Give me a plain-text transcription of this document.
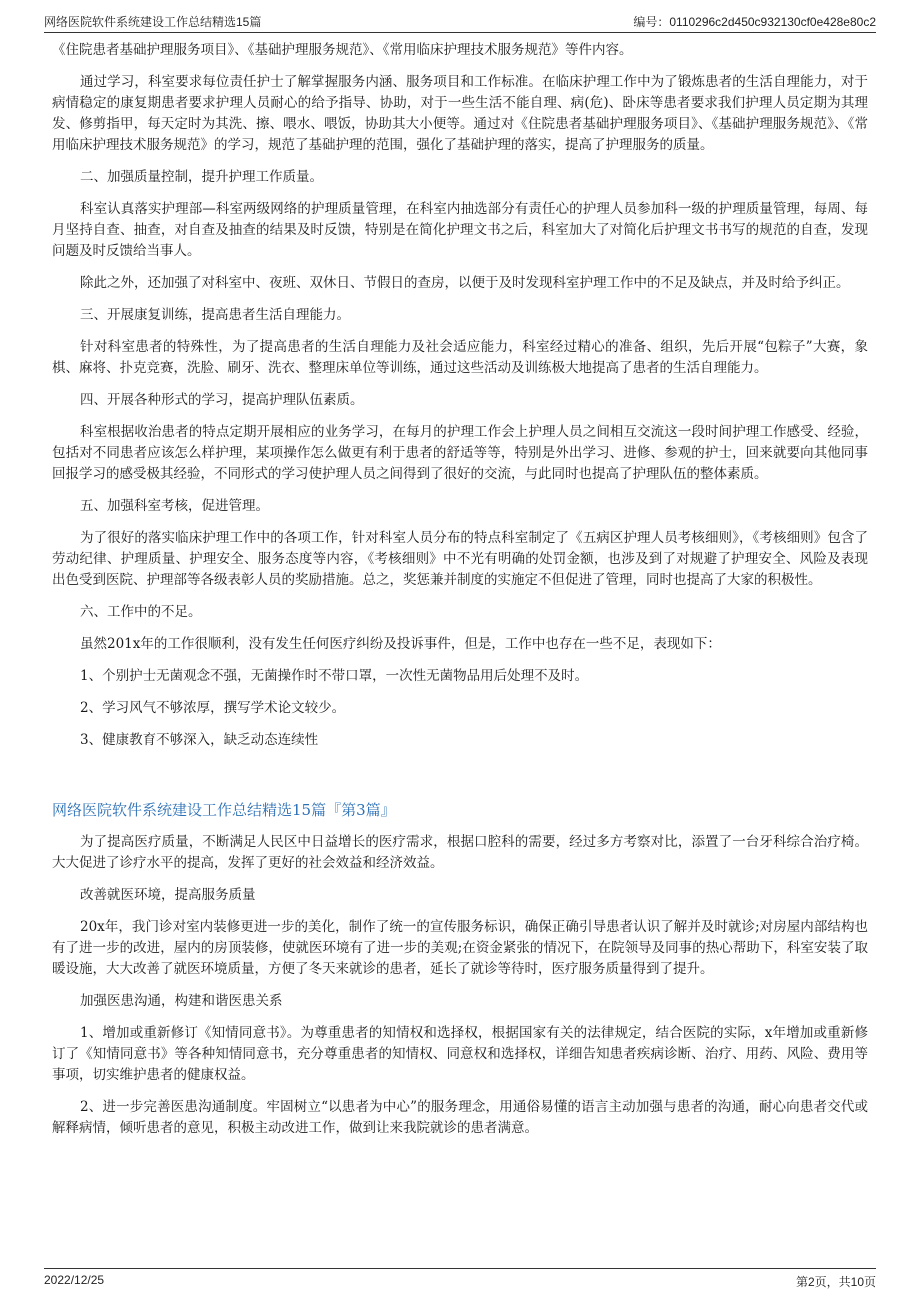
网络医院软件系统建设工作总结精选15篇	编号：0110296c2d450c932130cf0e428e80c2

《住院患者基础护理服务项目》、《基础护理服务规范》、《常用临床护理技术服务规范》等件内容。

通过学习，科室要求每位责任护士了解掌握服务内涵、服务项目和工作标准。在临床护理工作中为了锻炼患者的生活自理能力，对于病情稳定的康复期患者要求护理人员耐心的给予指导、协助，对于一些生活不能自理、病(危)、卧床等患者要求我们护理人员定期为其理发、修剪指甲，每天定时为其洗、擦、喂水、喂饭，协助其大小便等。通过对《住院患者基础护理服务项目》、《基础护理服务规范》、《常用临床护理技术服务规范》的学习，规范了基础护理的范围，强化了基础护理的落实，提高了护理服务的质量。

二、加强质量控制，提升护理工作质量。

科室认真落实护理部—科室两级网络的护理质量管理，在科室内抽选部分有责任心的护理人员参加科一级的护理质量管理，每周、每月坚持自查、抽查，对自查及抽查的结果及时反馈，特别是在简化护理文书之后，科室加大了对简化后护理文书书写的规范的自查，发现问题及时反馈给当事人。

除此之外，还加强了对科室中、夜班、双休日、节假日的查房，以便于及时发现科室护理工作中的不足及缺点，并及时给予纠正。

三、开展康复训练，提高患者生活自理能力。

针对科室患者的特殊性，为了提高患者的生活自理能力及社会适应能力，科室经过精心的准备、组织，先后开展“包粽子”大赛，象棋、麻将、扑克竞赛，洗脸、刷牙、洗衣、整理床单位等训练，通过这些活动及训练极大地提高了患者的生活自理能力。

四、开展各种形式的学习，提高护理队伍素质。

科室根据收治患者的特点定期开展相应的业务学习，在每月的护理工作会上护理人员之间相互交流这一段时间护理工作感受、经验，包括对不同患者应该怎么样护理，某项操作怎么做更有利于患者的舒适等等，特别是外出学习、进修、参观的护士，回来就要向其他同事回报学习的感受极其经验，不同形式的学习使护理人员之间得到了很好的交流，与此同时也提高了护理队伍的整体素质。

五、加强科室考核，促进管理。

为了很好的落实临床护理工作中的各项工作，针对科室人员分布的特点科室制定了《五病区护理人员考核细则》，《考核细则》包含了劳动纪律、护理质量、护理安全、服务态度等内容，《考核细则》中不光有明确的处罚金额，也涉及到了对规避了护理安全、风险及表现出色受到医院、护理部等各级表彰人员的奖励措施。总之，奖惩兼并制度的实施定不但促进了管理，同时也提高了大家的积极性。

六、工作中的不足。

虽然201x年的工作很顺利，没有发生任何医疗纠纷及投诉事件，但是，工作中也存在一些不足，表现如下：

1、个别护士无菌观念不强，无菌操作时不带口罩，一次性无菌物品用后处理不及时。

2、学习风气不够浓厚，撰写学术论文较少。

3、健康教育不够深入，缺乏动态连续性

网络医院软件系统建设工作总结精选15篇『第3篇』

为了提高医疗质量，不断满足人民区中日益增长的医疗需求，根据口腔科的需要，经过多方考察对比，添置了一台牙科综合治疗椅。大大促进了诊疗水平的提高，发挥了更好的社会效益和经济效益。

改善就医环境，提高服务质量

20x年，我门诊对室内装修更进一步的美化，制作了统一的宣传服务标识，确保正确引导患者认识了解并及时就诊;对房屋内部结构也有了进一步的改进，屋内的房顶装修，使就医环境有了进一步的美观;在资金紧张的情况下，在院领导及同事的热心帮助下，科室安装了取暖设施，大大改善了就医环境质量，方便了冬天来就诊的患者，延长了就诊等待时，医疗服务质量得到了提升。

加强医患沟通，构建和谐医患关系

1、增加或重新修订《知情同意书》。为尊重患者的知情权和选择权，根据国家有关的法律规定，结合医院的实际，x年增加或重新修订了《知情同意书》等各种知情同意书，充分尊重患者的知情权、同意权和选择权，详细告知患者疾病诊断、治疗、用药、风险、费用等事项，切实维护患者的健康权益。

2、进一步完善医患沟通制度。牢固树立“以患者为中心”的服务理念，用通俗易懂的语言主动加强与患者的沟通，耐心向患者交代或解释病情，倾听患者的意见，积极主动改进工作，做到让来我院就诊的患者满意。

2022/12/25	第2页，共10页
